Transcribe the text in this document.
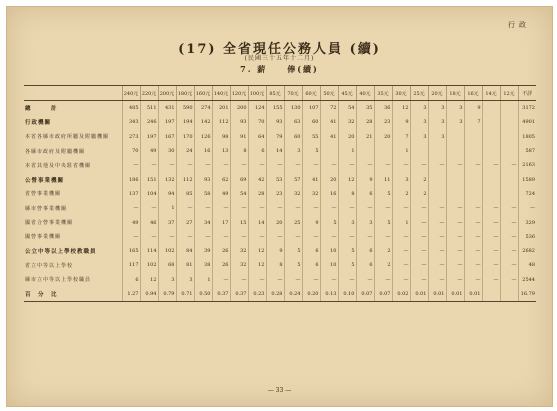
行政
(17) 全省現任公務人員 (續)
(民國三十五年十二月)
7. 薪　　俸(續)
	240元	220元	200元	180元	160元	140元	120元	100元	85元	70元	60元	50元	45元	40元	35元	30元	25元	20元	18元	16元	14元	12元	不詳
總　　　計	485	511	431	590	274	201	200	124	155	130	107	72	54	35	36	12	3	3	3	9			3172
行政機關	343	246	197	194	142	112	93	70	93	63	60	41	32	28	23	9	3	3	3	7			4901
本省各縣市政府所屬及附屬機關	273	197	167	170	126	98	91	64	79	60	55	41	20	21	20	7	3	3					1805
各縣市政府及附屬機關	70	49	30	24	16	13	8	6	14	3	5		1			1							587
本省其他及中央駐省機關	—	—	—	—	—	—	—	—	—	—	—	—	—	—	—	—	—	—	—	—	—	—	2163
公營事業機關	186	151	132	112	93	62	69	42	53	57	41	20	12	9	11	3	2						1589
省營事業機關	137	104	94	85	58	49	54	28	23	32	32	16	8	6	5	2	2						724
縣市營事業機關	—	—	1	—	—	—	—	—	—	—	—	—	—	—	—	—	—	—	—	—	—	—	—
國省合營事業機關	49	46	37	27	34	17	15	14	20	25	9	5	3	3	5	1	—	—	—	—	—	—	329
國營事業機關	—	—	—	—	—	—	—	—	—	—	—	—	—	—	—	—	—	—	—	—	—	—	536
公立中等以上學校教職員	165	114	102	84	39	26	32	12	9	5	6	10	5	6	2	—	—	—	—	—	—	—	2682
省立中等以上學校	117	102	68	81	38	26	32	12	8	5	6	10	5	6	2	—	—	—	—	—	—	—	48
縣市立中等以上學校職員	6	12	3	3	1	—	—	—	—	—	—	—	—	—	—	—	—	—	—	—	—	—	2544
百　分　比	1.27	0.94	0.79	0.71	0.50	0.37	0.37	0.23	0.28	0.24	0.20	0.13	0.10	0.07	0.07	0.02	0.01	0.01	0.01	0.01			16.79
— 33 —
